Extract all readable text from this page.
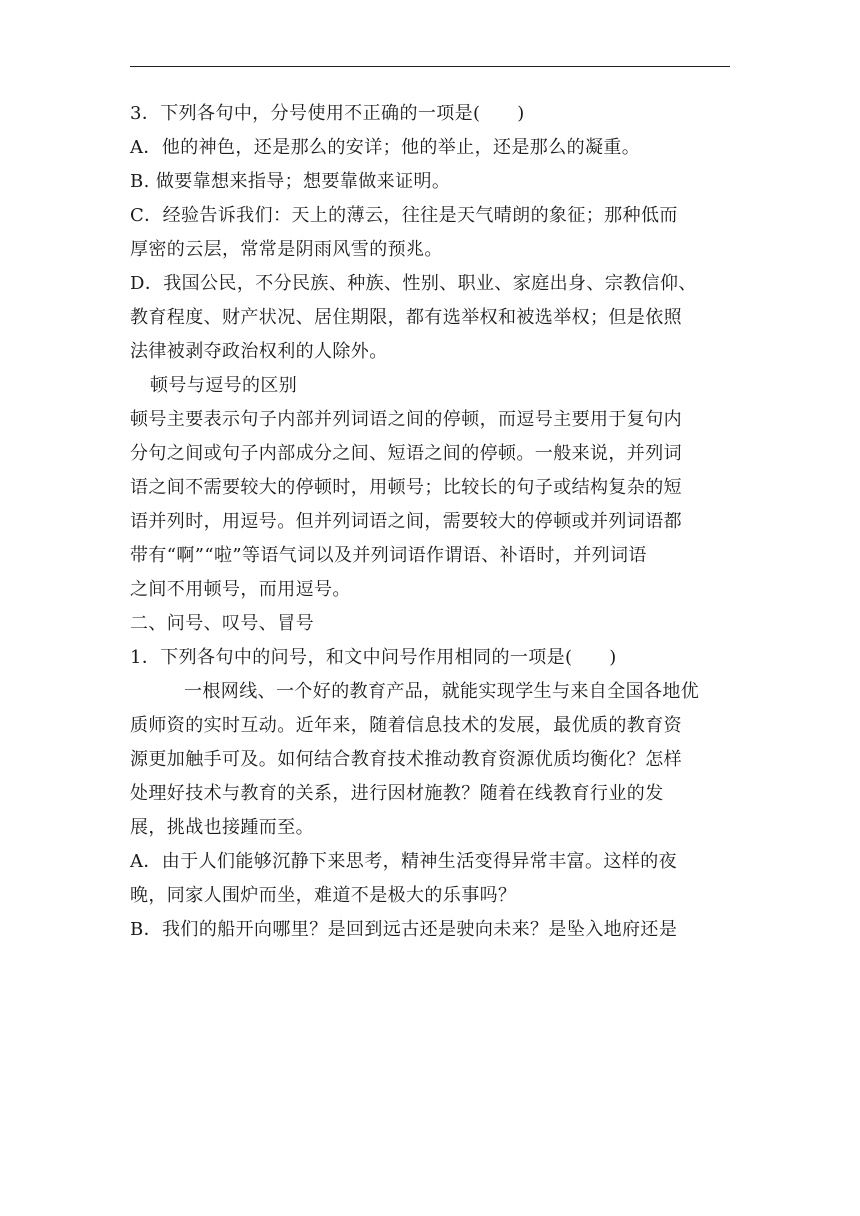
3．下列各句中，分号使用不正确的一项是(　　)
A．他的神色，还是那么的安详；他的举止，还是那么的凝重。
B. 做要靠想来指导；想要靠做来证明。
C．经验告诉我们：天上的薄云，往往是天气晴朗的象征；那种低而
厚密的云层，常常是阴雨风雪的预兆。
D．我国公民，不分民族、种族、性别、职业、家庭出身、宗教信仰、
教育程度、财产状况、居住期限，都有选举权和被选举权；但是依照
法律被剥夺政治权利的人除外。
顿号与逗号的区别
顿号主要表示句子内部并列词语之间的停顿，而逗号主要用于复句内
分句之间或句子内部成分之间、短语之间的停顿。一般来说，并列词
语之间不需要较大的停顿时，用顿号；比较长的句子或结构复杂的短
语并列时，用逗号。但并列词语之间，需要较大的停顿或并列词语都
带有“啊”“啦”等语气词以及并列词语作谓语、补语时，并列词语
之间不用顿号，而用逗号。
二、问号、叹号、冒号
1．下列各句中的问号，和文中问号作用相同的一项是(　　)
一根网线、一个好的教育产品，就能实现学生与来自全国各地优
质师资的实时互动。近年来，随着信息技术的发展，最优质的教育资
源更加触手可及。如何结合教育技术推动教育资源优质均衡化？怎样
处理好技术与教育的关系，进行因材施教？随着在线教育行业的发
展，挑战也接踵而至。
A．由于人们能够沉静下来思考，精神生活变得异常丰富。这样的夜
晚，同家人围炉而坐，难道不是极大的乐事吗？
B．我们的船开向哪里？是回到远古还是驶向未来？是坠入地府还是
